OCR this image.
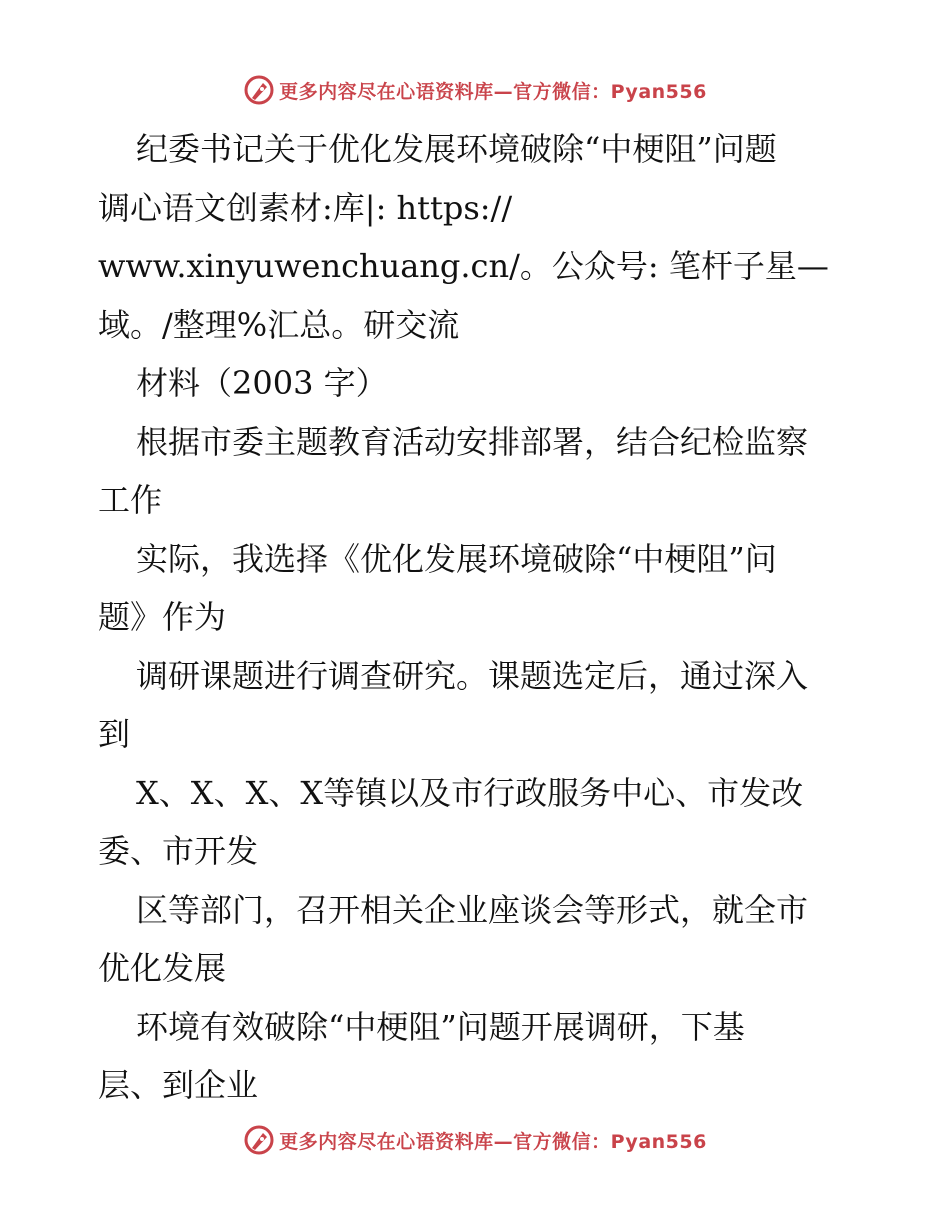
更多内容尽在心语资料库—官方微信：Pyan556
纪委书记关于优化发展环境破除“中梗阻”问题
调心语文创素材:库|: https://
www.xinyuwenchuang.cn/。公众号: 笔杆子星—
域。/整理%汇总。研交流
材料（2003 字）
根据市委主题教育活动安排部署，结合纪检监察
工作
实际，我选择《优化发展环境破除“中梗阻”问
题》作为
调研课题进行调查研究。课题选定后，通过深入
到
X、X、X、X等镇以及市行政服务中心、市发改
委、市开发
区等部门，召开相关企业座谈会等形式，就全市
优化发展
环境有效破除“中梗阻”问题开展调研，下基
层、到企业
更多内容尽在心语资料库—官方微信：Pyan556
